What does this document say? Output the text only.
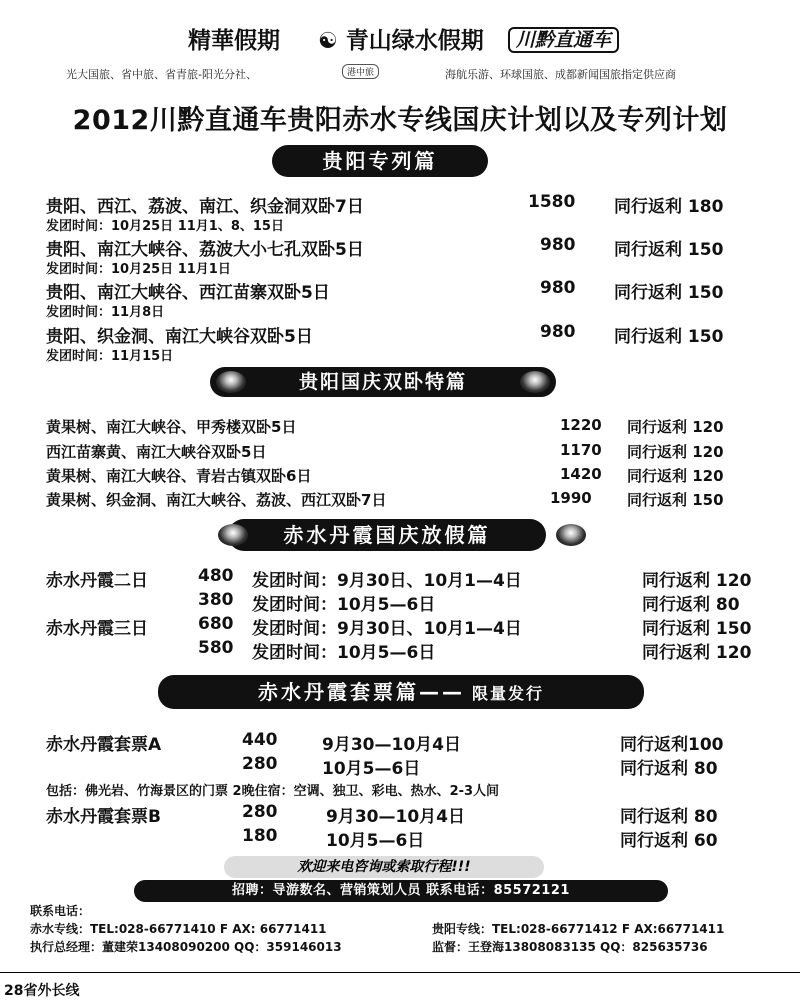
精華假期 ☯ 青山绿水假期	川黔直通车
光大国旅、省中旅、省青旅-阳光分社、	港中旅	海航乐游、环球国旅、成都新闻国旅指定供应商
2012川黔直通车贵阳赤水专线国庆计划以及专列计划
贵阳专列篇
贵阳、西江、荔波、南江、织金洞双卧7日	1580 同行返利 180
发团时间：10月25日 11月1、8、15日
贵阳、南江大峡谷、荔波大小七孔双卧5日	980 同行返利 150
发团时间：10月25日 11月1日
贵阳、南江大峡谷、西江苗寨双卧5日	980 同行返利 150
发团时间：11月8日
贵阳、织金洞、南江大峡谷双卧5日	980 同行返利 150
发团时间：11月15日
贵阳国庆双卧特篇
黄果树、南江大峡谷、甲秀楼双卧5日	1220 同行返利 120
西江苗寨黄、南江大峡谷双卧5日	1170 同行返利 120
黄果树、南江大峡谷、青岩古镇双卧6日	1420 同行返利 120
黄果树、织金洞、南江大峡谷、荔波、西江双卧7日	1990 同行返利 150
赤水丹霞国庆放假篇
赤水丹霞二日	480 发团时间：9月30日、10月1—4日	同行返利 120
380 发团时间：10月5—6日	同行返利 80
赤水丹霞三日	680 发团时间：9月30日、10月1—4日	同行返利 150
580 发团时间：10月5—6日	同行返利 120
赤水丹霞套票篇—— 限量发行
赤水丹霞套票A	440	9月30—10月4日	同行返利100
280	10月5—6日	同行返利 80
包括：佛光岩、竹海景区的门票 2晚住宿：空调、独卫、彩电、热水、2-3人间
赤水丹霞套票B	280	9月30—10月4日	同行返利 80
180	10月5—6日	同行返利 60
欢迎来电咨询或索取行程!!!
招聘：导游数名、营销策划人员 联系电话：85572121
联系电话：
赤水专线：TEL:028-66771410 F AX: 66771411	贵阳专线：TEL:028-66771412 F AX:66771411
执行总经理：董建荣13408090200 QQ：359146013	监督：王登海13808083135 QQ：825635736
28省外长线
